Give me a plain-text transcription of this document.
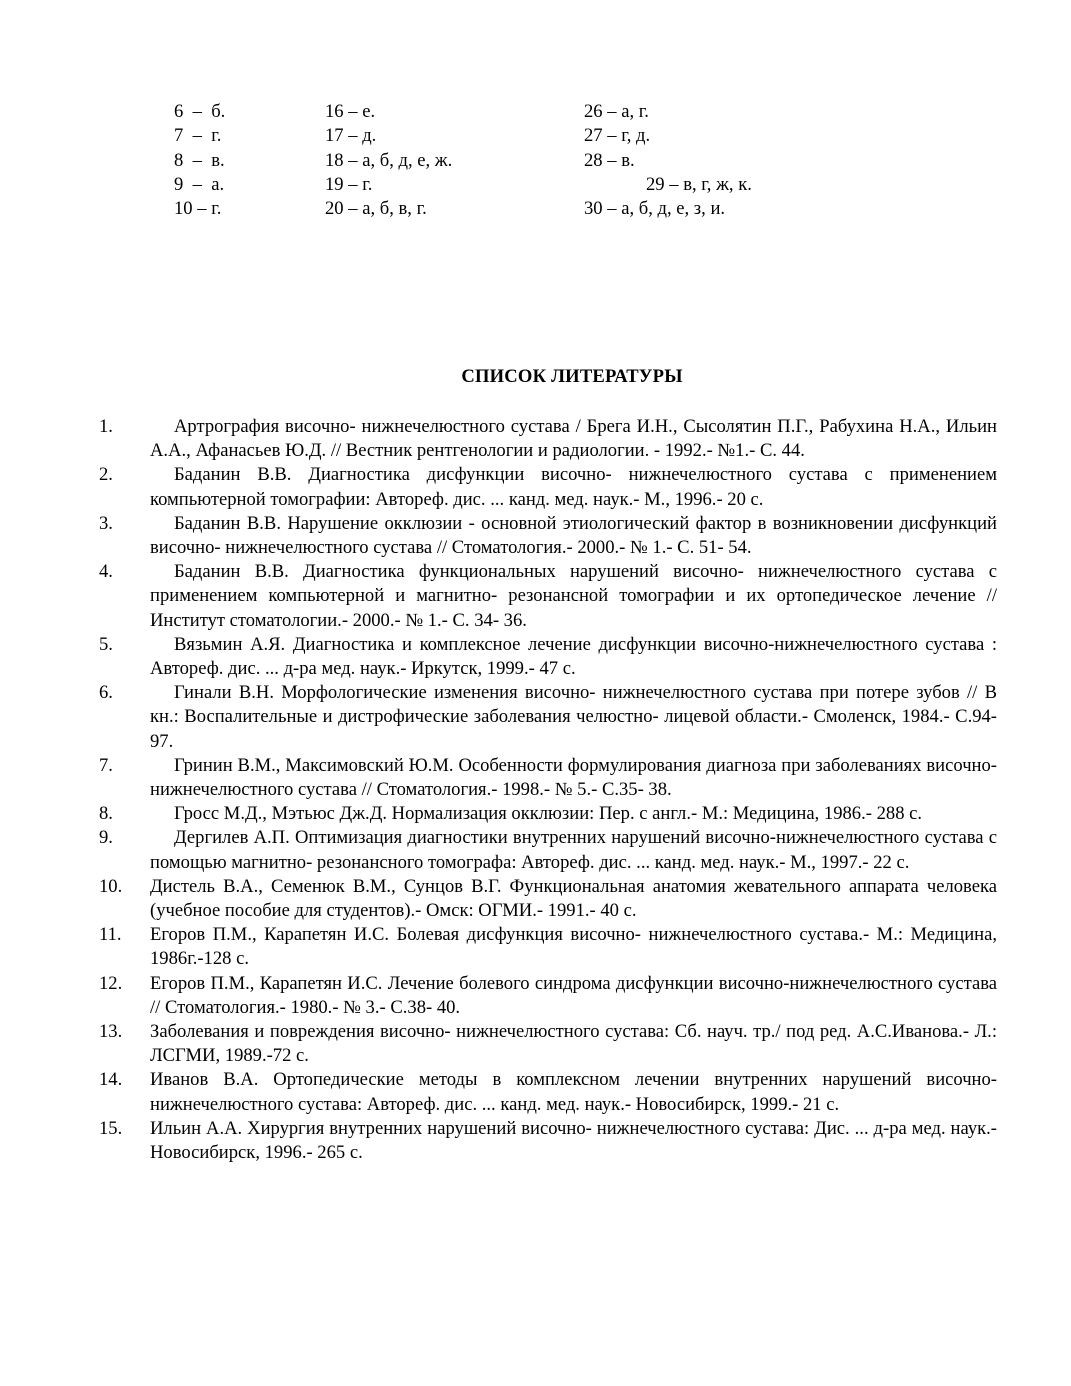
6  –  б.	16 – е.	26 – а, г.
7  –  г.	17 – д.	27 – г, д.
8  –  в.	18 – а, б, д, е, ж.	28 – в.
9  –  а.	19 – г.	29 – в, г, ж, к.
10 – г.	20 – а, б, в, г.	30 – а, б, д, е, з, и.
СПИСОК ЛИТЕРАТУРЫ
1.	Артрография височно- нижнечелюстного сустава / Брега И.Н., Сысолятин П.Г., Рабухина Н.А., Ильин А.А., Афанасьев Ю.Д. // Вестник рентгенологии и радиологии. - 1992.- №1.- С. 44.
2.	Баданин В.В. Диагностика дисфункции височно- нижнечелюстного сустава с применением компьютерной томографии: Автореф. дис. ... канд. мед. наук.- М., 1996.- 20 с.
3.	Баданин В.В. Нарушение окклюзии - основной этиологический фактор в возникновении дисфункций височно- нижнечелюстного сустава // Стоматология.- 2000.- № 1.- С. 51- 54.
4.	Баданин В.В. Диагностика функциональных нарушений височно- нижнечелюстного сустава с применением компьютерной и магнитно- резонансной томографии и их ортопедическое лечение // Институт стоматологии.- 2000.- № 1.- С. 34- 36.
5.	Вязьмин А.Я. Диагностика и комплексное лечение дисфункции височно-нижнечелюстного сустава : Автореф. дис. ... д-ра мед. наук.- Иркутск, 1999.- 47 с.
6.	Гинали В.Н. Морфологические изменения височно- нижнечелюстного сустава при потере зубов // В кн.: Воспалительные и дистрофические заболевания челюстно- лицевой области.- Смоленск, 1984.- С.94- 97.
7.	Гринин В.М., Максимовский Ю.М. Особенности формулирования диагноза при заболеваниях височно- нижнечелюстного сустава // Стоматология.- 1998.- № 5.- С.35- 38.
8.	Гросс М.Д., Мэтьюс Дж.Д. Нормализация окклюзии: Пер. с англ.- М.: Медицина, 1986.- 288 с.
9.	Дергилев А.П. Оптимизация диагностики внутренних нарушений височно-нижнечелюстного сустава с помощью магнитно- резонансного томографа: Автореф. дис. ... канд. мед. наук.- М., 1997.- 22 с.
10. Дистель В.А., Семенюк В.М., Сунцов В.Г. Функциональная анатомия жевательного аппарата человека (учебное пособие для студентов).- Омск: ОГМИ.- 1991.- 40 с.
11. Егоров П.М., Карапетян И.С. Болевая дисфункция височно- нижнечелюстного сустава.- М.: Медицина, 1986г.-128 с.
12. Егоров П.М., Карапетян И.С. Лечение болевого синдрома дисфункции височно-нижнечелюстного сустава // Стоматология.- 1980.- № 3.- С.38- 40.
13. Заболевания и повреждения височно- нижнечелюстного сустава: Сб. науч. тр./ под ред. А.С.Иванова.- Л.: ЛСГМИ, 1989.-72 с.
14. Иванов В.А. Ортопедические методы в комплексном лечении внутренних нарушений височно- нижнечелюстного сустава: Автореф. дис. ... канд. мед. наук.- Новосибирск, 1999.- 21 с.
15. Ильин А.А. Хирургия внутренних нарушений височно- нижнечелюстного сустава: Дис. ... д-ра мед. наук.- Новосибирск, 1996.- 265 с.
